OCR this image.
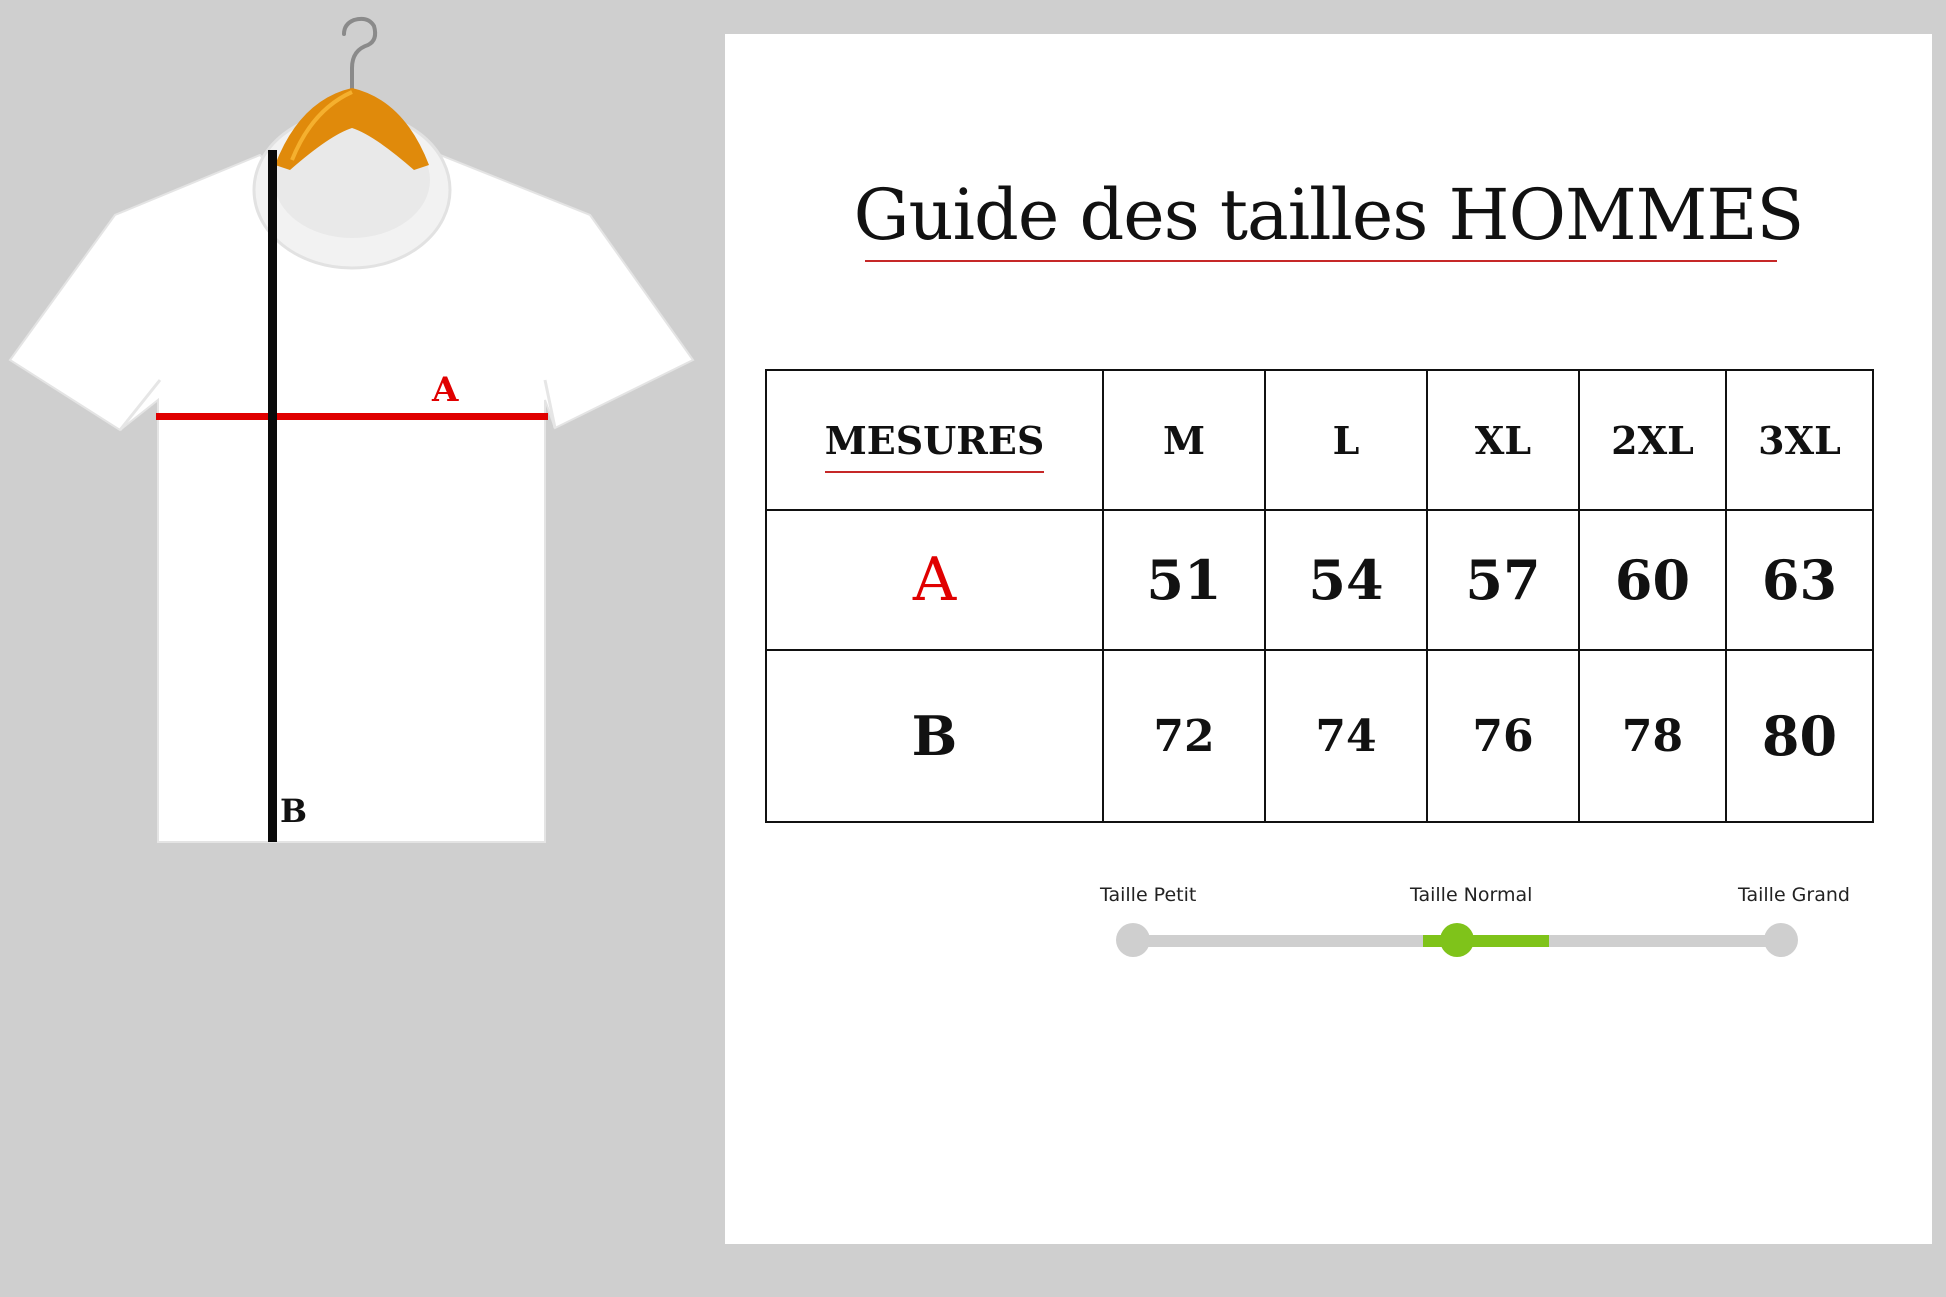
A
B
Guide des tailles HOMMES
MESURES	M	L	XL	2XL	3XL
A	51	54	57	60	63
B	72	74	76	78	80
Taille Petit	Taille Normal	Taille Grand
